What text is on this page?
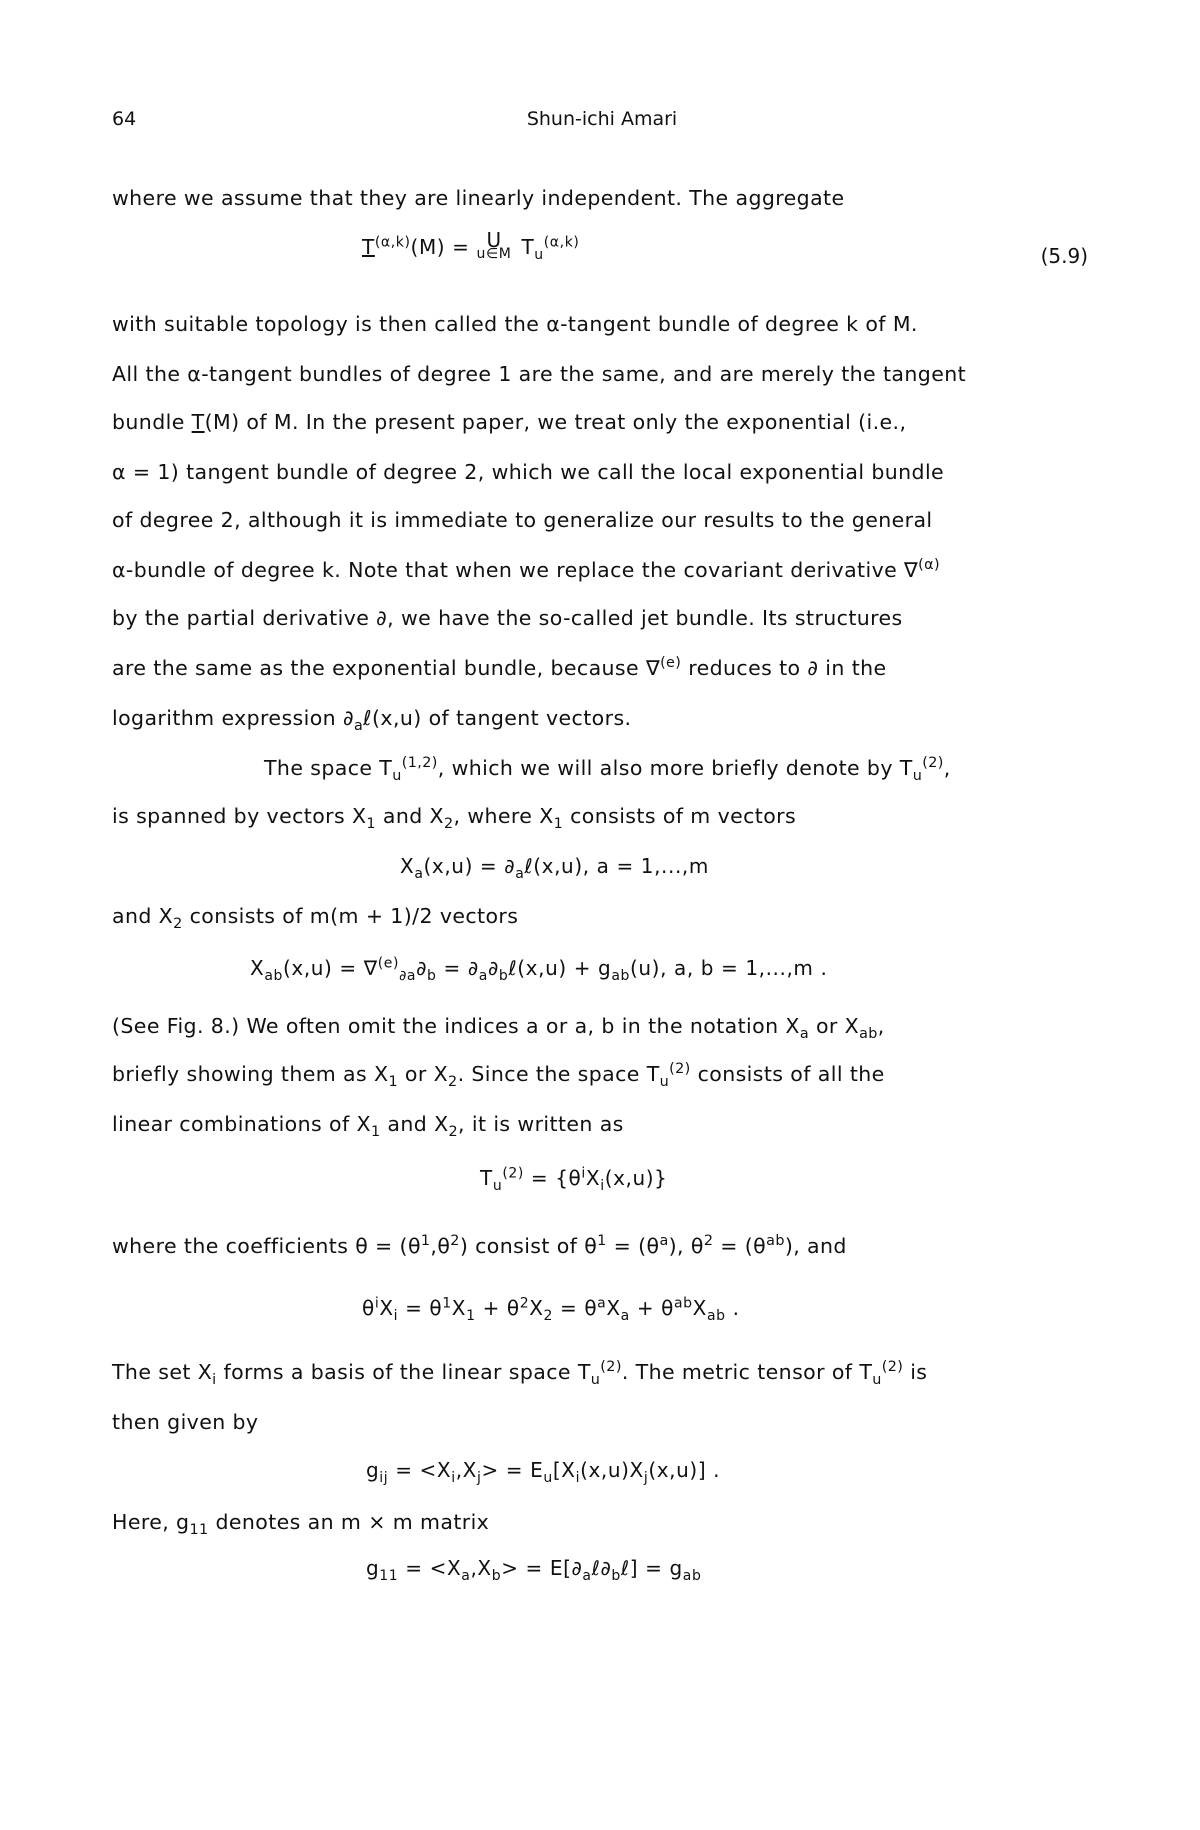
64	Shun-ichi Amari
where we assume that they are linearly independent. The aggregate
$T^{(\alpha,k)}(M) = U$
u∈M $T_u^{(\alpha,k)}$
(5.9)
with suitable topology is then called the α-tangent bundle of degree k of M.
All the α-tangent bundles of degree 1 are the same, and are merely the tangent
bundle T(M) of M. In the present paper, we treat only the exponential (i.e.,
α = 1) tangent bundle of degree 2, which we call the local exponential bundle
of degree 2, although it is immediate to generalize our results to the general
α-bundle of degree k. Note that when we replace the covariant derivative ∇$^{(\alpha)}$
by the partial derivative ∂, we have the so-called jet bundle. Its structures
are the same as the exponential bundle, because ∇$^{(e)}$ reduces to ∂ in the
logarithm expression $\partial_a\ell(x,u)$ of tangent vectors.
The space $T_u^{(1,2)}$, which we will also more briefly denote by $T_u^{(2)}$,
is spanned by vectors $X_1$ and $X_2$, where $X_1$ consists of m vectors
$X_a(x,u)$ = $\partial_a\ell(x,u)$, a = 1,...,m
and $X_2$ consists of m(m + 1)/2 vectors
$X_{ab}(x,u) = \nabla^{(e)}_{\partial a}\partial_b$ = $\partial_a\partial_b\ell(x,u) + g_{ab}(u)$, a, b = 1,...,m .
(See Fig. 8.) We often omit the indices a or a, b in the notation $X_a$ or $X_{ab}$,
briefly showing them as $X_1$ or $X_2$. Since the space $T_u^{(2)}$ consists of all the
linear combinations of $X_1$ and $X_2$, it is written as
$T_u^{(2)} = \{\theta^iX_i(x,u)\}$
where the coefficients $\theta = (\theta^1,\theta^2)$ consist of $\theta^1 = (\theta^a)$, $\theta^2 = (\theta^{ab})$, and
$\theta^iX_i = \theta^1X_1 + \theta^2X_2 = \theta^aX_a + \theta^{ab}X_{ab}$ .
The set $X_i$ forms a basis of the linear space $T_u^{(2)}$. The metric tensor of $T_u^{(2)}$ is
then given by
$g_{ij} = <X_i,X_j> = E_u[X_i(x,u)X_j(x,u)]$ .
Here, $g_{11}$ denotes an m × m matrix
$g_{11} = <X_a,X_b>$ = $E[\partial_a\ell\partial_b\ell] = g_{ab}$
